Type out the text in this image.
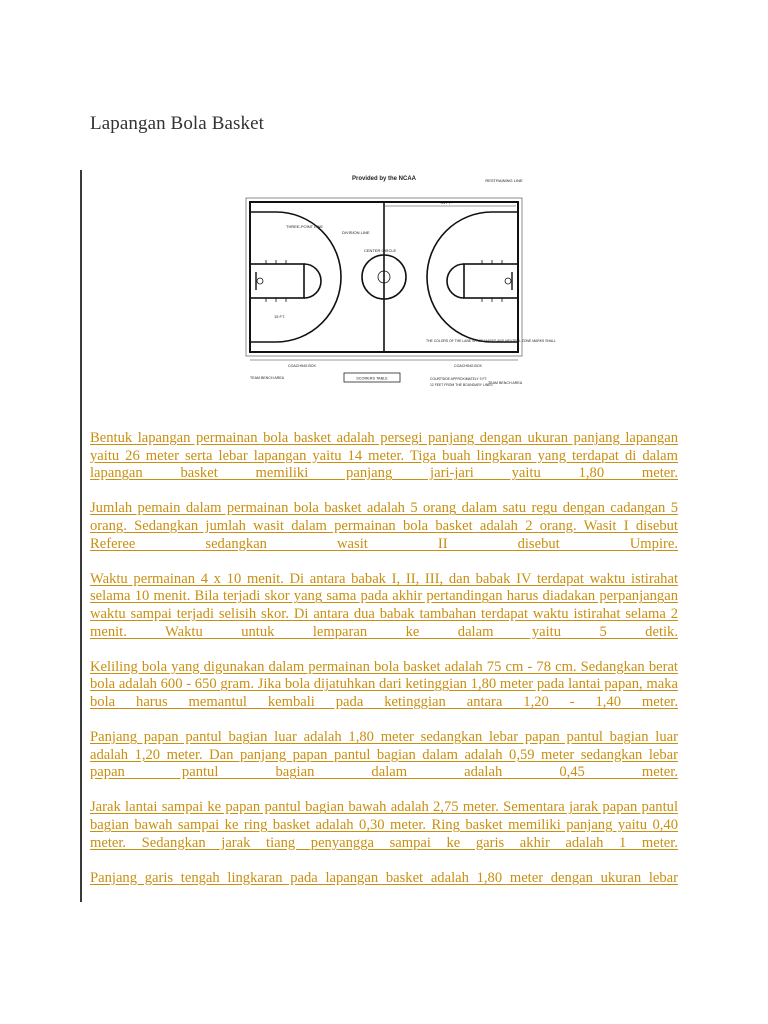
Lapangan Bola Basket
Provided by the NCAA	RESTRAINING LINE
94 FT.
DIVISION LINE
CENTER CIRCLE
THREE-POINT LINE
15 FT.
THE COLORS OF THE LANE SPACE MARKS AND NEUTRAL ZONE MARKS SHALL
COACHING BOX	COACHING BOX
SCORERS TABLE
TEAM BENCH AREA
TEAM BENCH AREA
COURTSIDE APPROXIMATELY 3 FT.
12 FEET FROM THE BOUNDARY LINES

Bentuk lapangan permainan bola basket adalah persegi panjang dengan ukuran panjang lapangan yaitu 26 meter serta lebar lapangan yaitu 14 meter. Tiga buah lingkaran yang terdapat di dalam lapangan basket memiliki panjang jari-jari yaitu 1,80 meter.

Jumlah pemain dalam permainan bola basket adalah 5 orang dalam satu regu dengan cadangan 5 orang. Sedangkan jumlah wasit dalam permainan bola basket adalah 2 orang. Wasit I disebut Referee sedangkan wasit II disebut Umpire.

Waktu permainan 4 x 10 menit. Di antara babak I, II, III, dan babak IV terdapat waktu istirahat selama 10 menit. Bila terjadi skor yang sama pada akhir pertandingan harus diadakan perpanjangan waktu sampai terjadi selisih skor. Di antara dua babak tambahan terdapat waktu istirahat selama 2 menit. Waktu untuk lemparan ke dalam yaitu 5 detik.

Keliling bola yang digunakan dalam permainan bola basket adalah 75 cm - 78 cm. Sedangkan berat bola adalah 600 - 650 gram. Jika bola dijatuhkan dari ketinggian 1,80 meter pada lantai papan, maka bola harus memantul kembali pada ketinggian antara 1,20 - 1,40 meter.

Panjang papan pantul bagian luar adalah 1,80 meter sedangkan lebar papan pantul bagian luar adalah 1,20 meter. Dan panjang papan pantul bagian dalam adalah 0,59 meter sedangkan lebar papan pantul bagian dalam adalah 0,45 meter.

Jarak lantai sampai ke papan pantul bagian bawah adalah 2,75 meter. Sementara jarak papan pantul bagian bawah sampai ke ring basket adalah 0,30 meter. Ring basket memiliki panjang yaitu 0,40 meter. Sedangkan jarak tiang penyangga sampai ke garis akhir adalah 1 meter.

Panjang garis tengah lingkaran pada lapangan basket adalah 1,80 meter dengan ukuran lebar
